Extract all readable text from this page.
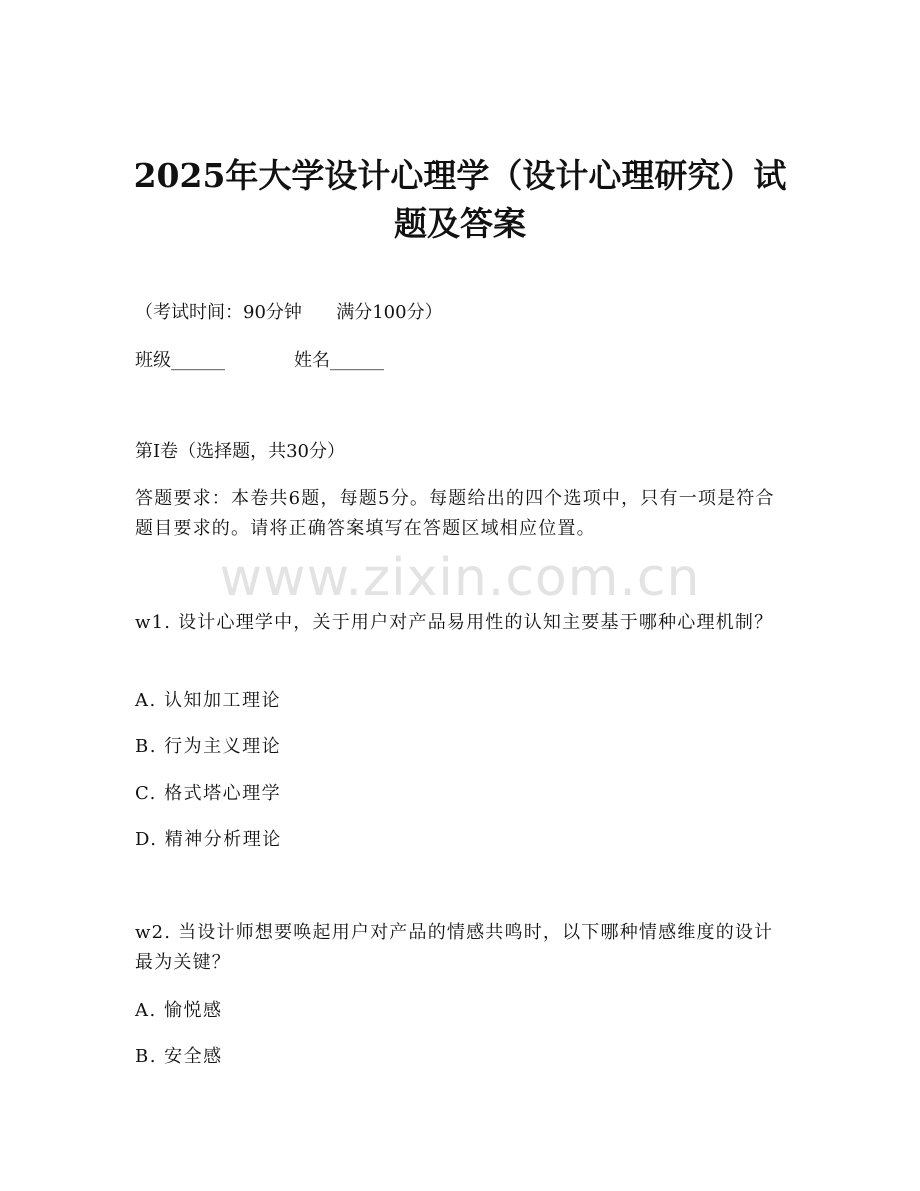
2025年大学设计心理学（设计心理研究）试
题及答案

（考试时间：90分钟      满分100分）

班级______	姓名______

第I卷（选择题，共30分）

答题要求：本卷共6题，每题5分。每题给出的四个选项中，只有一项是符合题目要求的。请将正确答案填写在答题区域相应位置。

www.zixin.com.cn

w1. 设计心理学中，关于用户对产品易用性的认知主要基于哪种心理机制？

A. 认知加工理论

B. 行为主义理论

C. 格式塔心理学

D. 精神分析理论

w2. 当设计师想要唤起用户对产品的情感共鸣时，以下哪种情感维度的设计最为关键？

A. 愉悦感

B. 安全感
